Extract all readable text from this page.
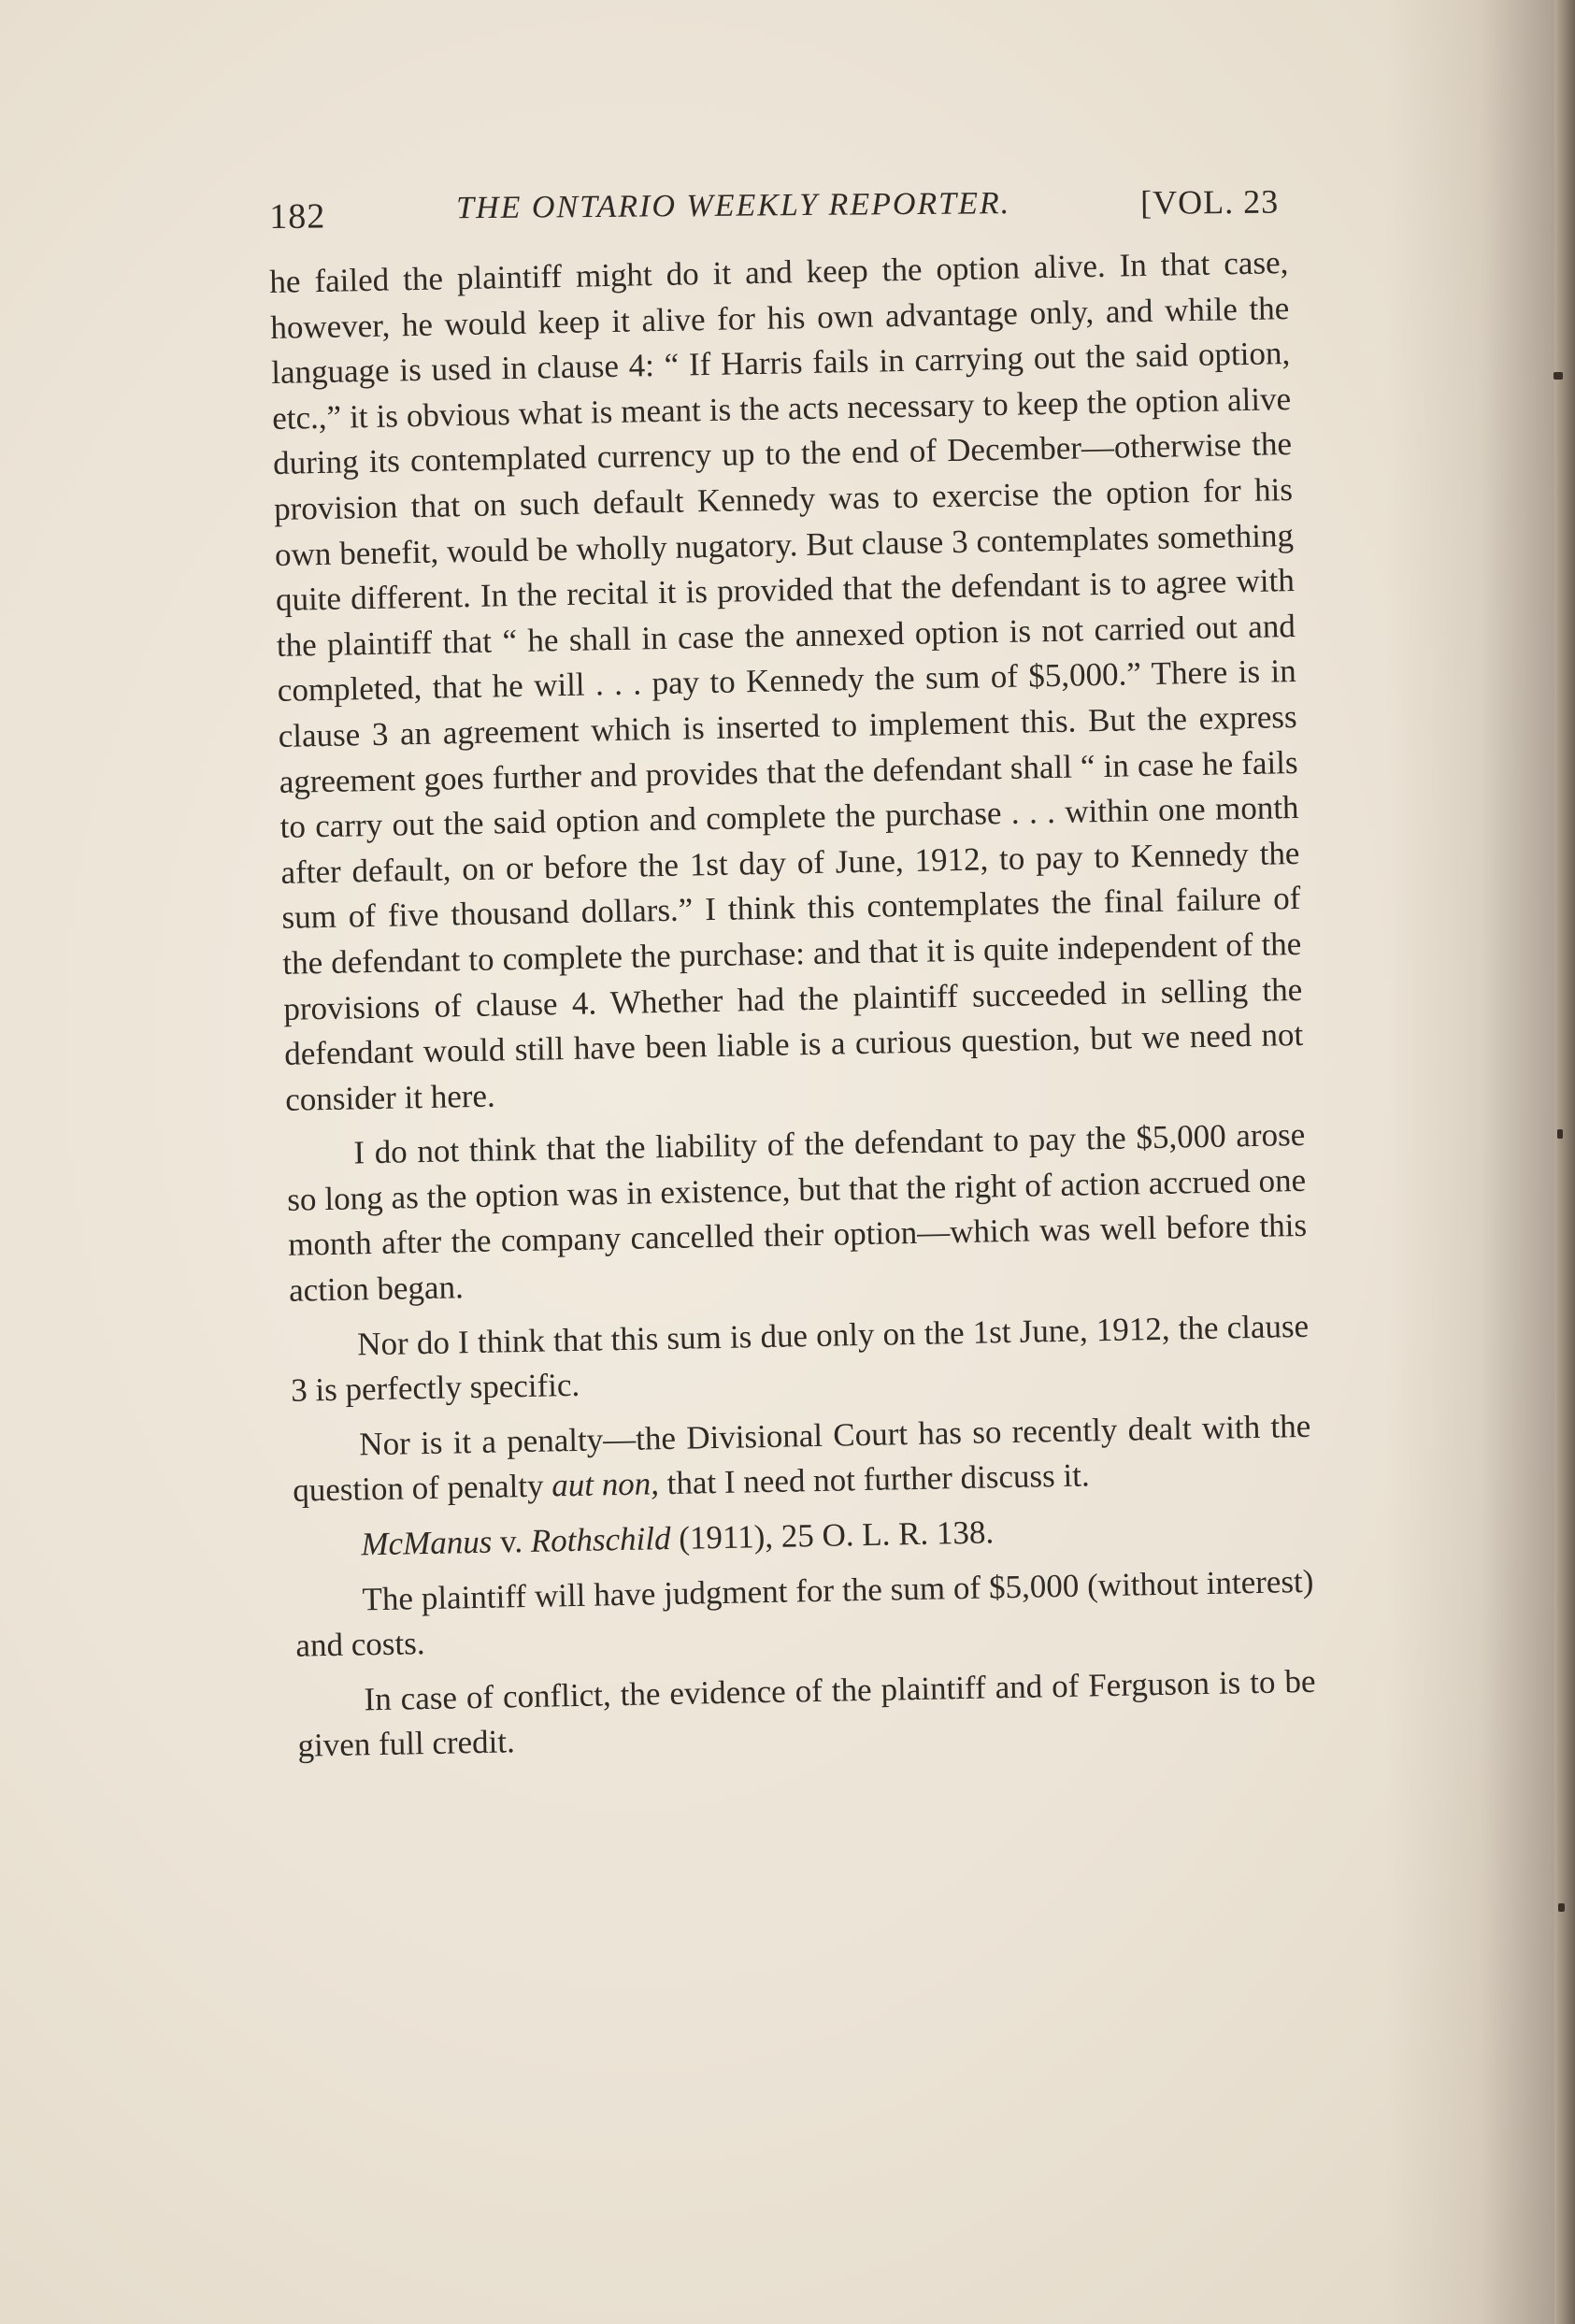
182	THE ONTARIO WEEKLY REPORTER.	[VOL. 23

he failed the plaintiff might do it and keep the option alive. In that case, however, he would keep it alive for his own advantage only, and while the language is used in clause 4: “ If Harris fails in carrying out the said option, etc.,” it is obvious what is meant is the acts necessary to keep the option alive during its contemplated currency up to the end of December—otherwise the provision that on such default Kennedy was to exercise the option for his own benefit, would be wholly nugatory. But clause 3 contemplates something quite different. In the recital it is provided that the defendant is to agree with the plaintiff that “ he shall in case the annexed option is not carried out and completed, that he will . . . pay to Kennedy the sum of $5,000.” There is in clause 3 an agreement which is inserted to implement this. But the express agreement goes further and provides that the defendant shall “ in case he fails to carry out the said option and complete the purchase . . . within one month after default, on or before the 1st day of June, 1912, to pay to Kennedy the sum of five thousand dollars.” I think this contemplates the final failure of the defendant to complete the purchase: and that it is quite independent of the provisions of clause 4. Whether had the plaintiff succeeded in selling the defendant would still have been liable is a curious question, but we need not consider it here.

I do not think that the liability of the defendant to pay the $5,000 arose so long as the option was in existence, but that the right of action accrued one month after the company cancelled their option—which was well before this action began.

Nor do I think that this sum is due only on the 1st June, 1912, the clause 3 is perfectly specific.

Nor is it a penalty—the Divisional Court has so recently dealt with the question of penalty aut non, that I need not further discuss it.

McManus v. Rothschild (1911), 25 O. L. R. 138.

The plaintiff will have judgment for the sum of $5,000 (without interest) and costs.

In case of conflict, the evidence of the plaintiff and of Ferguson is to be given full credit.
